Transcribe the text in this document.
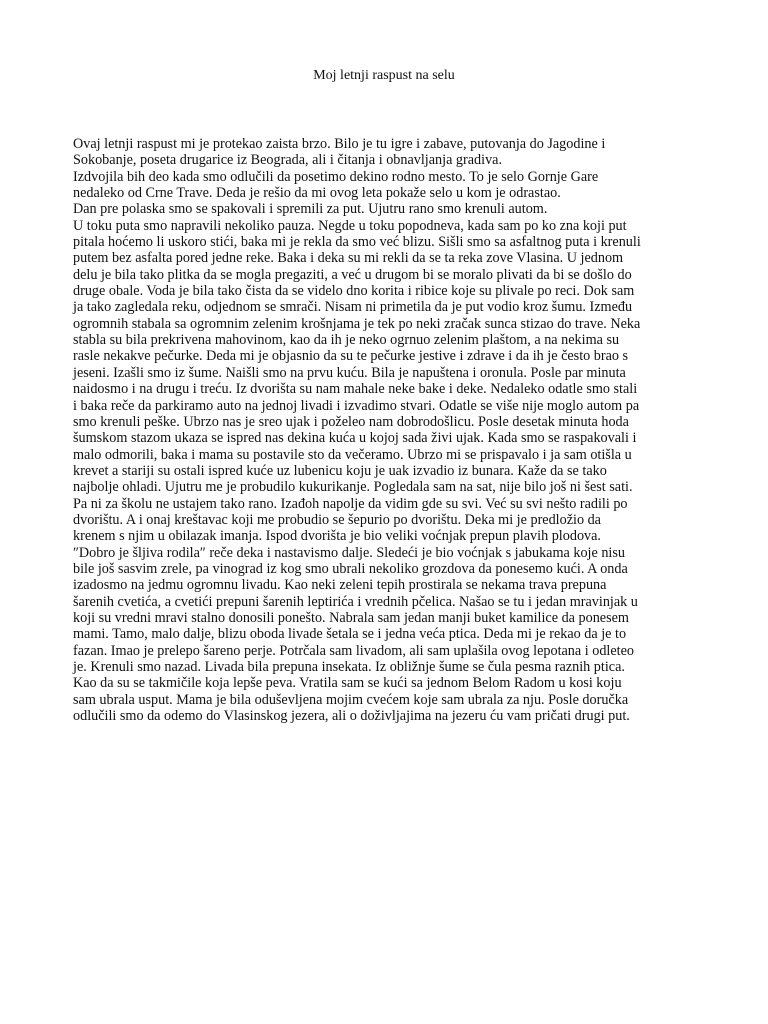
Moj letnji raspust na selu

Ovaj letnji raspust mi je protekao zaista brzo. Bilo je tu igre i zabave, putovanja do Jagodine i

Sokobanje, poseta drugarice iz Beograda, ali i čitanja i obnavljanja gradiva.

Izdvojila bih deo kada smo odlučili da posetimo dekino rodno mesto. To je selo Gornje Gare

nedaleko od Crne Trave. Deda je rešio da mi ovog leta pokaže selo u kom je odrastao.

Dan pre polaska smo se spakovali i spremili za put. Ujutru rano smo krenuli autom.

U toku puta smo napravili nekoliko pauza. Negde u toku popodneva, kada sam po ko zna koji put

pitala hoćemo li uskoro stići, baka mi je rekla da smo već blizu. Sišli smo sa asfaltnog puta i krenuli

putem bez asfalta pored jedne reke. Baka i deka su mi rekli da se ta reka zove Vlasina. U jednom

delu je bila tako plitka da se mogla pregaziti, a već u drugom bi se moralo plivati da bi se došlo do

druge obale. Voda je bila tako čista da se videlo dno korita i ribice koje su plivale po reci. Dok sam

ja tako zagledala reku, odjednom se smrači. Nisam ni primetila da je put vodio kroz šumu. Između

ogromnih stabala sa ogromnim zelenim krošnjama je tek po neki zračak sunca stizao do trave. Neka

stabla su bila prekrivena mahovinom, kao da ih je neko ogrnuo zelenim plaštom, a na nekima su

rasle nekakve pečurke. Deda mi je objasnio da su te pečurke jestive i zdrave i da ih je često brao s

jeseni. Izašli smo iz šume. Naišli smo na prvu kuću. Bila je napuštena i oronula. Posle par minuta

naidosmo i na drugu i treću. Iz dvorišta su nam mahale neke bake i deke. Nedaleko odatle smo stali

i baka reče da parkiramo auto na jednoj livadi i izvadimo stvari. Odatle se više nije moglo autom pa

smo krenuli peške. Ubrzo nas je sreo ujak i poželeo nam dobrodošlicu. Posle desetak minuta hoda

šumskom stazom ukaza se ispred nas dekina kuća u kojoj sada živi ujak. Kada smo se raspakovali i

malo odmorili, baka i mama su postavile sto da večeramo. Ubrzo mi se prispavalo i ja sam otišla u

krevet a stariji su ostali ispred kuće uz lubenicu koju je uak izvadio iz bunara. Kaže da se tako

najbolje ohladi. Ujutru me je probudilo kukurikanje. Pogledala sam na sat, nije bilo još ni šest sati.

Pa ni za školu ne ustajem tako rano. Izađoh napolje da vidim gde su svi. Već su svi nešto radili po

dvorištu. A i onaj kreštavac koji me probudio se šepurio po dvorištu. Deka mi je predložio da

krenem s njim u obilazak imanja. Ispod dvorišta je bio veliki voćnjak prepun plavih plodova.

″Dobro je šljiva rodila″ reče deka i nastavismo dalje. Sledeći je bio voćnjak s jabukama koje nisu

bile još sasvim zrele, pa vinograd iz kog smo ubrali nekoliko grozdova da ponesemo kući. A onda

izadosmo na jedmu ogromnu livadu. Kao neki zeleni tepih prostirala se nekama trava prepuna

šarenih cvetića, a cvetići prepuni šarenih leptirića i vrednih pčelica. Našao se tu i jedan mravinjak u

koji su vredni mravi stalno donosili ponešto. Nabrala sam jedan manji buket kamilice da ponesem

mami. Tamo, malo dalje, blizu oboda livade šetala se i jedna veća ptica. Deda mi je rekao da je to

fazan. Imao je prelepo šareno perje. Potrčala sam livadom, ali sam uplašila ovog lepotana i odleteo

je. Krenuli smo nazad. Livada bila prepuna insekata. Iz obližnje šume se čula pesma raznih ptica.

Kao da su se takmičile koja lepše peva. Vratila sam se kući sa jednom Belom Radom u kosi koju

sam ubrala usput. Mama je bila oduševljena mojim cvećem koje sam ubrala za nju. Posle doručka

odlučili smo da odemo do Vlasinskog jezera, ali o doživljajima na jezeru ću vam pričati drugi put.
